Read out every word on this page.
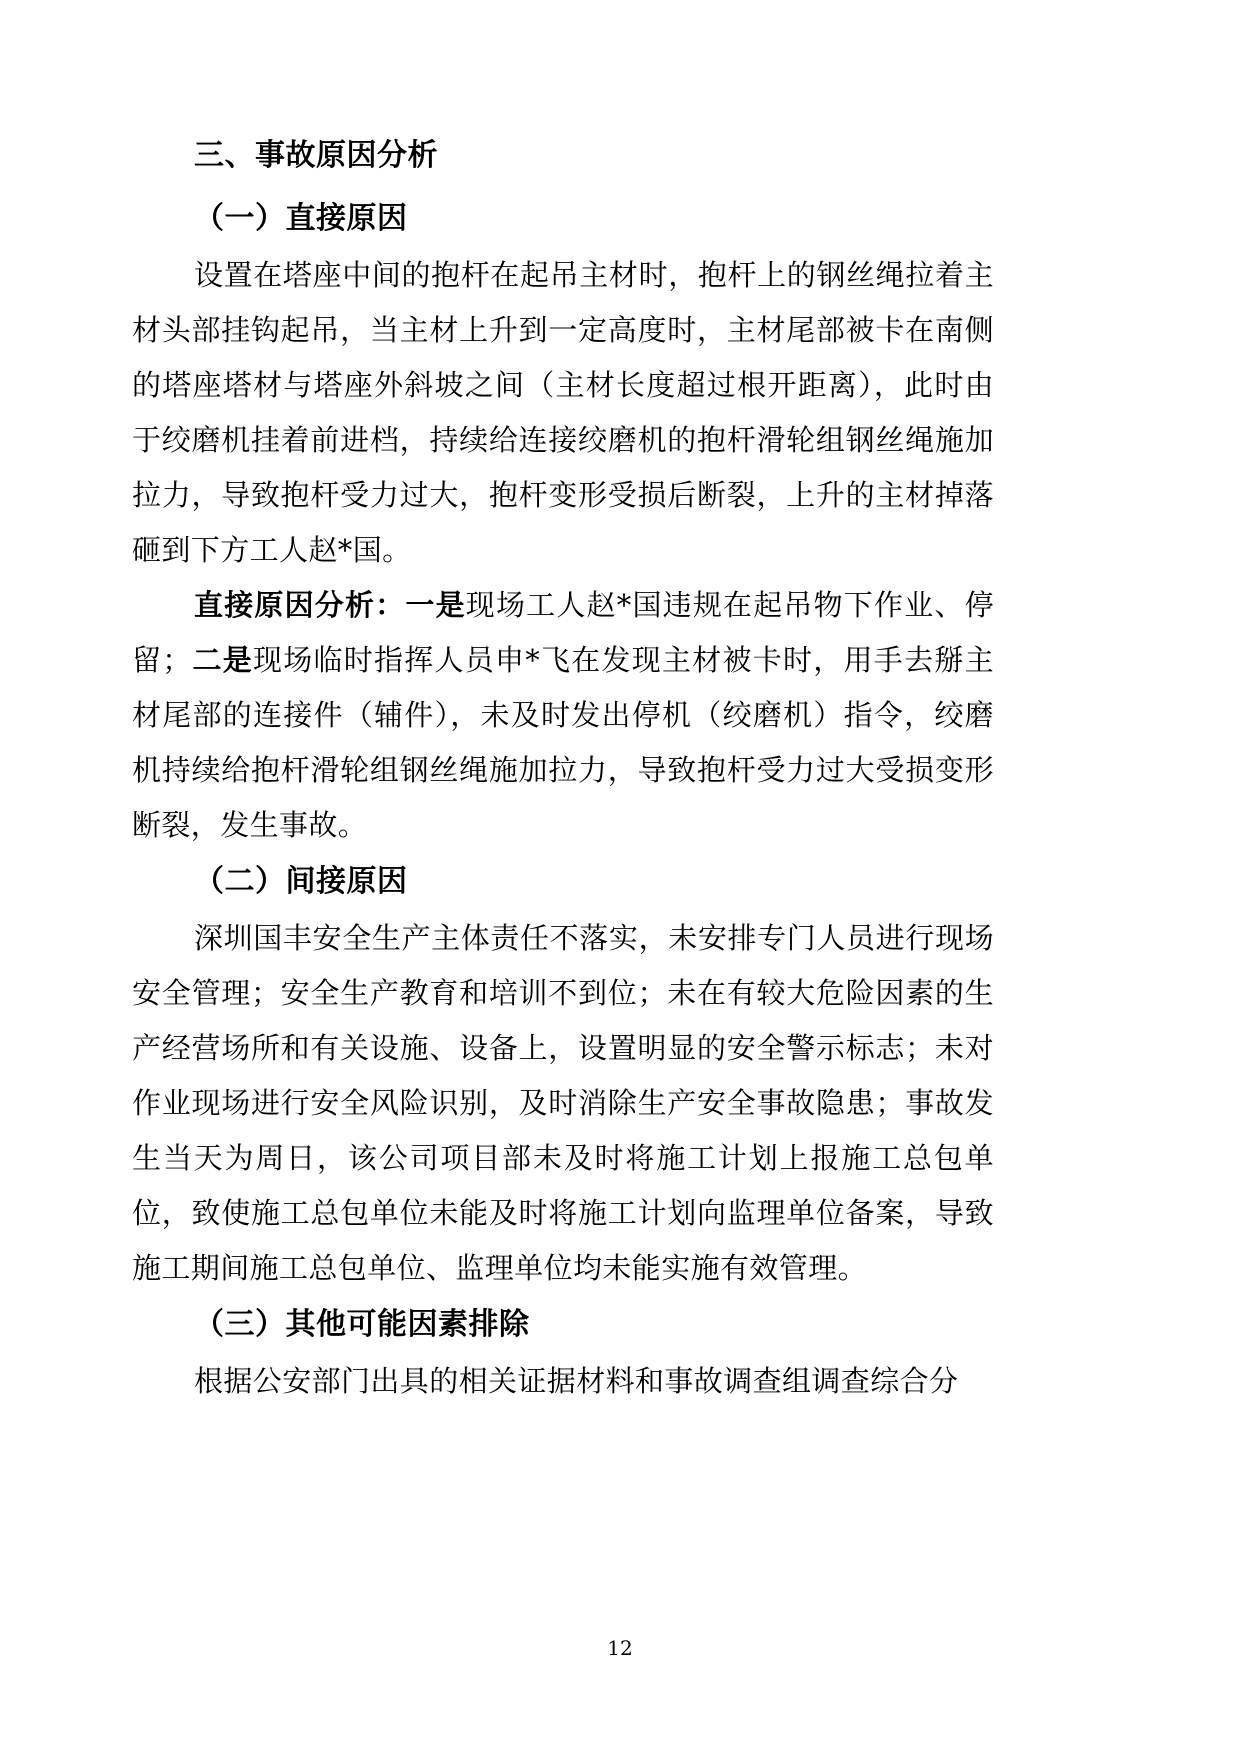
三、事故原因分析
（一）直接原因

设置在塔座中间的抱杆在起吊主材时，抱杆上的钢丝绳拉着主材头部挂钩起吊，当主材上升到一定高度时，主材尾部被卡在南侧的塔座塔材与塔座外斜坡之间（主材长度超过根开距离），此时由于绞磨机挂着前进档，持续给连接绞磨机的抱杆滑轮组钢丝绳施加拉力，导致抱杆受力过大，抱杆变形受损后断裂，上升的主材掉落砸到下方工人赵*国。

直接原因分析：一是现场工人赵*国违规在起吊物下作业、停留；二是现场临时指挥人员申*飞在发现主材被卡时，用手去掰主材尾部的连接件（辅件），未及时发出停机（绞磨机）指令，绞磨机持续给抱杆滑轮组钢丝绳施加拉力，导致抱杆受力过大受损变形断裂，发生事故。

（二）间接原因

深圳国丰安全生产主体责任不落实，未安排专门人员进行现场安全管理；安全生产教育和培训不到位；未在有较大危险因素的生产经营场所和有关设施、设备上，设置明显的安全警示标志；未对作业现场进行安全风险识别，及时消除生产安全事故隐患；事故发生当天为周日，该公司项目部未及时将施工计划上报施工总包单位，致使施工总包单位未能及时将施工计划向监理单位备案，导致施工期间施工总包单位、监理单位均未能实施有效管理。

（三）其他可能因素排除

根据公安部门出具的相关证据材料和事故调查组调查综合分

12
